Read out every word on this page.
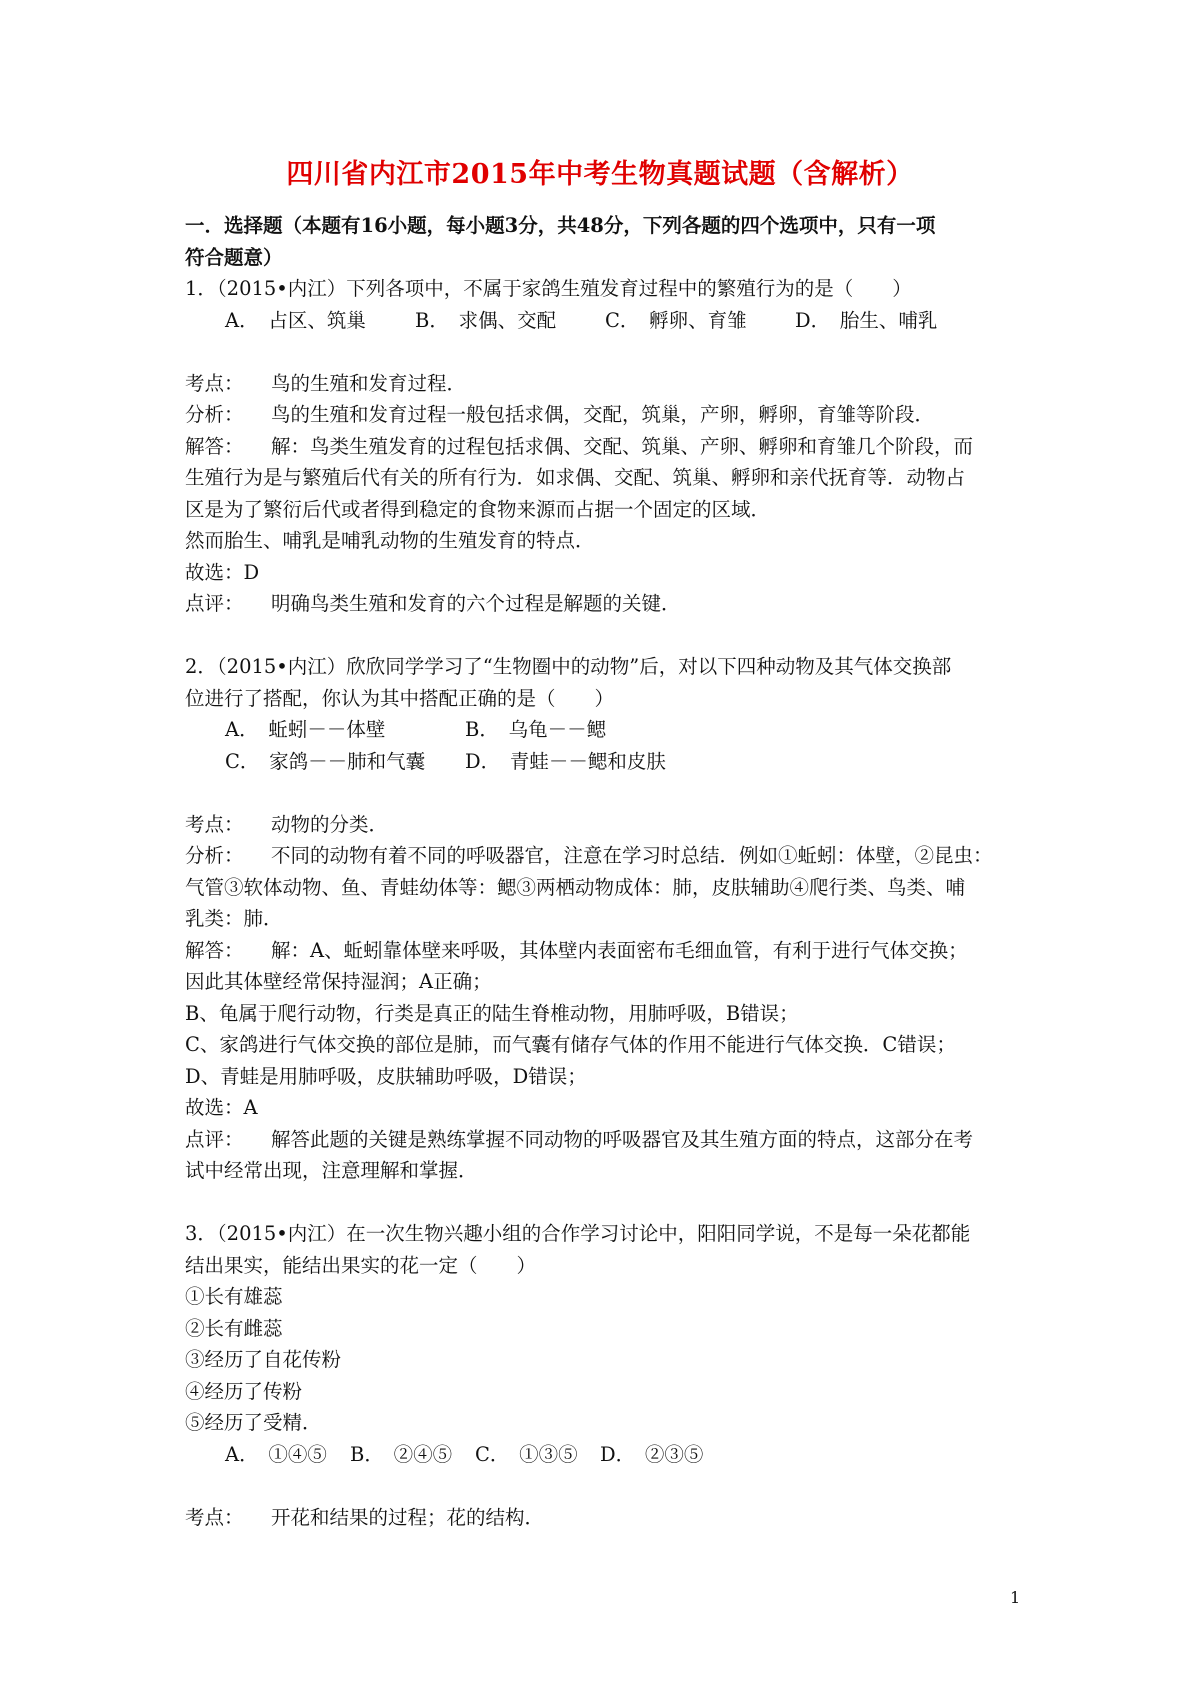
四川省内江市2015年中考生物真题试题（含解析）
一．选择题（本题有16小题，每小题3分，共48分，下列各题的四个选项中，只有一项
符合题意）
1．（2015•内江）下列各项中，不属于家鸽生殖发育过程中的繁殖行为的是（　　）
A．　占区、筑巢	B．　求偶、交配	C．　孵卵、育雏 D．　胎生、哺乳
考点： 鸟的生殖和发育过程．
分析： 鸟的生殖和发育过程一般包括求偶，交配，筑巢，产卵，孵卵，育雏等阶段．
解答： 解：鸟类生殖发育的过程包括求偶、交配、筑巢、产卵、孵卵和育雏几个阶段，而
生殖行为是与繁殖后代有关的所有行为．如求偶、交配、筑巢、孵卵和亲代抚育等．动物占
区是为了繁衍后代或者得到稳定的食物来源而占据一个固定的区域．
然而胎生、哺乳是哺乳动物的生殖发育的特点．
故选：D
点评： 明确鸟类生殖和发育的六个过程是解题的关键．
2．（2015•内江）欣欣同学学习了“生物圈中的动物”后，对以下四种动物及其气体交换部
位进行了搭配，你认为其中搭配正确的是（　　）
A．　蚯蚓－－体壁	B．　乌龟－－鳃
C．　家鸽－－肺和气囊 D．　青蛙－－鳃和皮肤
考点： 动物的分类．
分析： 不同的动物有着不同的呼吸器官，注意在学习时总结．例如①蚯蚓：体壁，②昆虫：
气管③软体动物、鱼、青蛙幼体等：鳃③两栖动物成体：肺，皮肤辅助④爬行类、鸟类、哺
乳类：肺．
解答： 解：A、蚯蚓靠体壁来呼吸，其体壁内表面密布毛细血管，有利于进行气体交换；
因此其体壁经常保持湿润；A正确；
B、龟属于爬行动物，行类是真正的陆生脊椎动物，用肺呼吸，B错误；
C、家鸽进行气体交换的部位是肺，而气囊有储存气体的作用不能进行气体交换．C错误；
D、青蛙是用肺呼吸，皮肤辅助呼吸，D错误；
故选：A
点评： 解答此题的关键是熟练掌握不同动物的呼吸器官及其生殖方面的特点，这部分在考
试中经常出现，注意理解和掌握．
3．（2015•内江）在一次生物兴趣小组的合作学习讨论中，阳阳同学说，不是每一朵花都能
结出果实，能结出果实的花一定（　　）
①长有雄蕊
②长有雌蕊
③经历了自花传粉
④经历了传粉
⑤经历了受精．
A．　①④⑤ B．　②④⑤ C．　①③⑤ D．　②③⑤
考点： 开花和结果的过程；花的结构．
1
